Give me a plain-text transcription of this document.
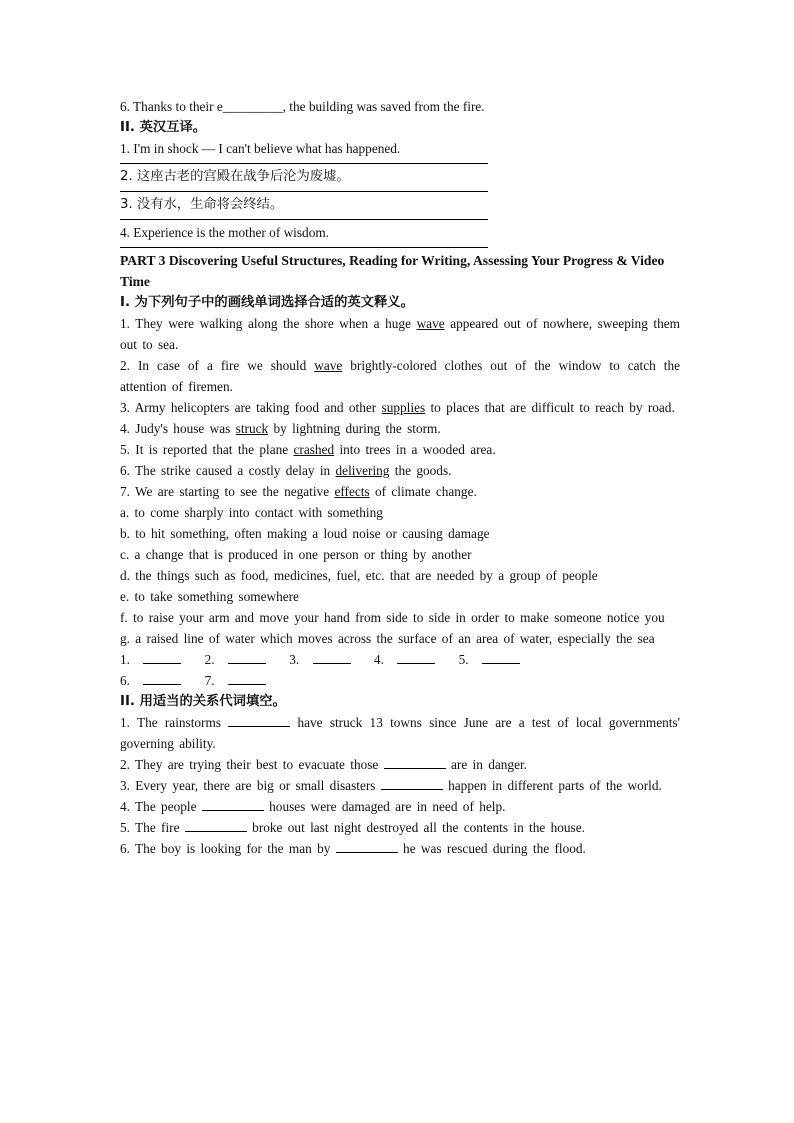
6. Thanks to their e_________, the building was saved from the fire.
II. 英汉互译。
1. I'm in shock — I can't believe what has happened.
2. 这座古老的宫殿在战争后沦为废墟。
3. 没有水，生命将会终结。
4. Experience is the mother of wisdom.
PART 3 Discovering Useful Structures, Reading for Writing, Assessing Your Progress & Video Time
I. 为下列句子中的画线单词选择合适的英文释义。
1. They were walking along the shore when a huge wave appeared out of nowhere, sweeping them out to sea.
2. In case of a fire we should wave brightly-colored clothes out of the window to catch the attention of firemen.
3. Army helicopters are taking food and other supplies to places that are difficult to reach by road.
4. Judy's house was struck by lightning during the storm.
5. It is reported that the plane crashed into trees in a wooded area.
6. The strike caused a costly delay in delivering the goods.
7. We are starting to see the negative effects of climate change.
a. to come sharply into contact with something
b. to hit something, often making a loud noise or causing damage
c. a change that is produced in one person or thing by another
d. the things such as food, medicines, fuel, etc. that are needed by a group of people
e. to take something somewhere
f. to raise your arm and move your hand from side to side in order to make someone notice you
g. a raised line of water which moves across the surface of an area of water, especially the sea
1.	2.	3.	4.	5.
6.	7.
II. 用适当的关系代词填空。
1. The rainstorms	have struck 13 towns since June are a test of local governments' governing ability.
2. They are trying their best to evacuate those	are in danger.
3. Every year, there are big or small disasters	happen in different parts of the world.
4. The people	houses were damaged are in need of help.
5. The fire	broke out last night destroyed all the contents in the house.
6. The boy is looking for the man by	he was rescued during the flood.
